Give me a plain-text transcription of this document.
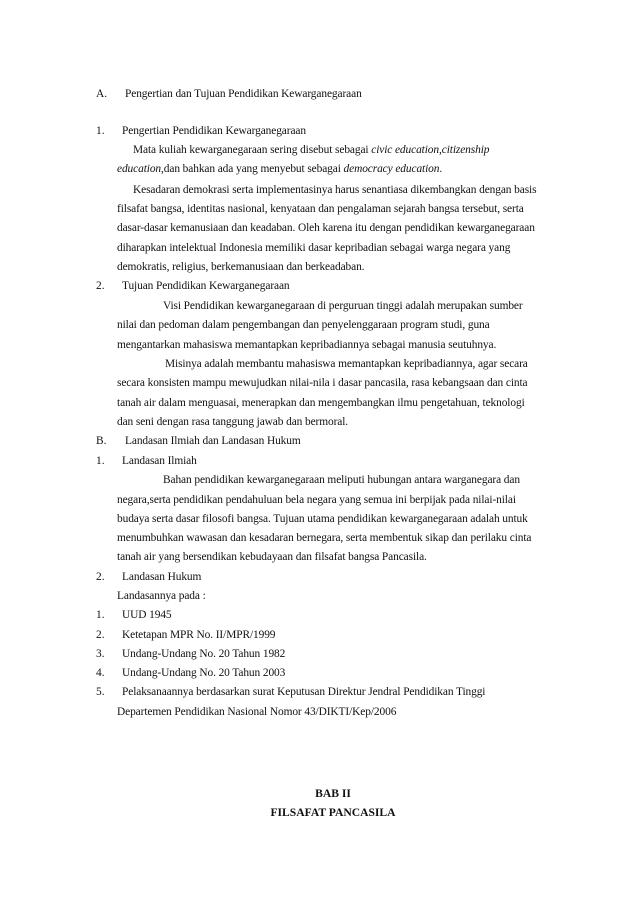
A. Pengertian dan Tujuan Pendidikan Kewarganegaraan
1. Pengertian Pendidikan Kewarganegaraan
Mata kuliah kewarganegaraan sering disebut sebagai civic education,citizenship
education,dan bahkan ada yang menyebut sebagai democracy education.
Kesadaran demokrasi serta implementasinya harus senantiasa dikembangkan dengan basis
filsafat bangsa, identitas nasional, kenyataan dan pengalaman sejarah bangsa tersebut, serta
dasar-dasar kemanusiaan dan keadaban. Oleh karena itu dengan pendidikan kewarganegaraan
diharapkan intelektual Indonesia memiliki dasar kepribadian sebagai warga negara yang
demokratis, religius, berkemanusiaan dan berkeadaban.
2. Tujuan Pendidikan Kewarganegaraan
Visi Pendidikan kewarganegaraan di perguruan tinggi adalah merupakan sumber
nilai dan pedoman dalam pengembangan dan penyelenggaraan program studi, guna
mengantarkan mahasiswa memantapkan kepribadiannya sebagai manusia seutuhnya.
Misinya adalah membantu mahasiswa memantapkan kepribadiannya, agar secara
secara konsisten mampu mewujudkan nilai-nila i dasar pancasila, rasa kebangsaan dan cinta
tanah air dalam menguasai, menerapkan dan mengembangkan ilmu pengetahuan, teknologi
dan seni dengan rasa tanggung jawab dan bermoral.
B. Landasan Ilmiah dan Landasan Hukum
1. Landasan Ilmiah
Bahan pendidikan kewarganegaraan meliputi hubungan antara warganegara dan
negara,serta pendidikan pendahuluan bela negara yang semua ini berpijak pada nilai-nilai
budaya serta dasar filosofi bangsa. Tujuan utama pendidikan kewarganegaraan adalah untuk
menumbuhkan wawasan dan kesadaran bernegara, serta membentuk sikap dan perilaku cinta
tanah air yang bersendikan kebudayaan dan filsafat bangsa Pancasila.
2. Landasan Hukum
Landasannya pada :
1. UUD 1945
2. Ketetapan MPR No. II/MPR/1999
3. Undang-Undang No. 20 Tahun 1982
4. Undang-Undang No. 20 Tahun 2003
5. Pelaksanaannya berdasarkan surat Keputusan Direktur Jendral Pendidikan Tinggi
Departemen Pendidikan Nasional Nomor 43/DIKTI/Kep/2006
BAB II
FILSAFAT PANCASILA
